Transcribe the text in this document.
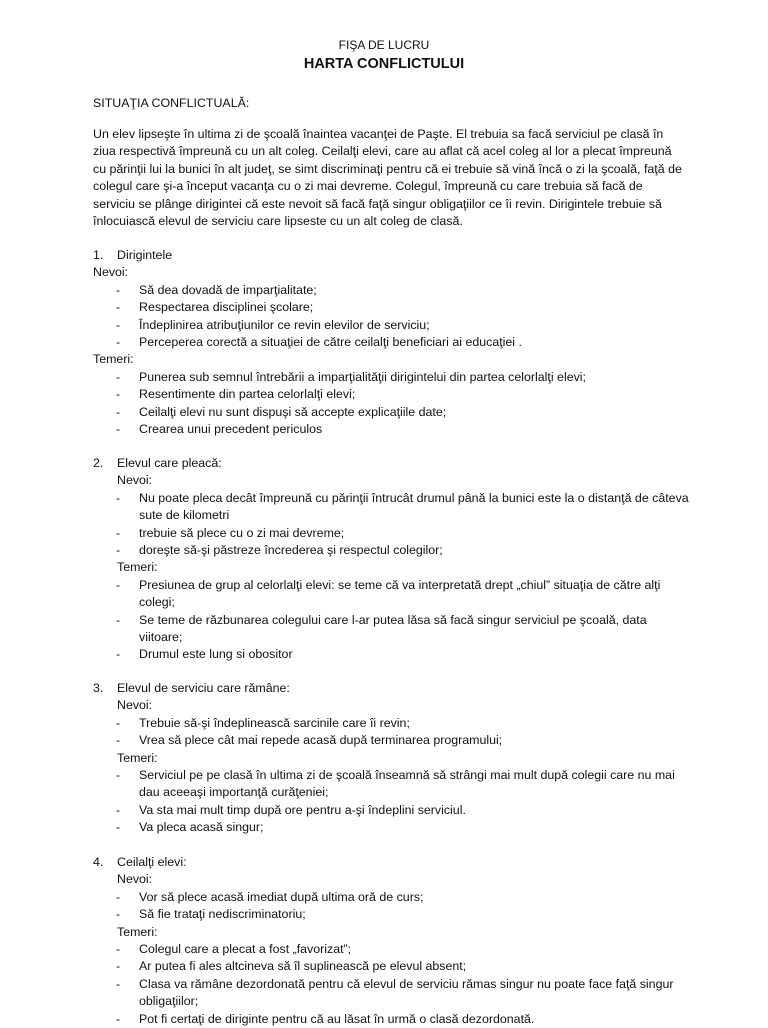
FIŞA DE LUCRU
HARTA CONFLICTULUI
SITUAŢIA CONFLICTUALĂ:

Un elev lipseşte în ultima zi de şcoală înaintea vacanţei de Paşte. El trebuia sa facă serviciul pe clasă în ziua respectivă împreună cu un alt coleg. Ceilalţi elevi, care au aflat că acel coleg al lor a plecat împreună cu părinţii lui la bunici în alt judeţ, se simt discriminaţi pentru că ei trebuie să vină încă o zi la şcoală, faţă de colegul care şi-a început vacanţa cu o zi mai devreme. Colegul, împreună cu care trebuia să facă de serviciu se plânge dirigintei că este nevoit să facă faţă singur obligaţiilor ce îi revin. Dirigintele trebuie să înlocuiască elevul de serviciu care lipseste cu un alt coleg de clasă.

1. Dirigintele

Nevoi:

- Să dea dovadă de imparţialitate;
- Respectarea disciplinei şcolare;
- Îndeplinirea atribuţiunilor ce revin elevilor de serviciu;
- Perceperea corectă a situaţiei de către ceilalţi beneficiari ai educaţiei .

Temeri:

- Punerea sub semnul întrebării a imparţialităţii dirigintelui din partea celorlalţi elevi;
- Resentimente din partea celorlalţi elevi;
- Ceilalţi elevi nu sunt dispuşi să accepte explicaţiile date;
- Crearea unui precedent periculos

2. Elevul care pleacă:

Nevoi:

- Nu poate pleca decât împreună cu părinţii întrucât drumul până la bunici este la o distanţă de câteva sute de kilometri
- trebuie să plece cu o zi mai devreme;
- doreşte să-şi păstreze încrederea şi respectul colegilor;

Temeri:

- Presiunea de grup al celorlalţi elevi: se teme că va interpretată drept „chiul” situaţia de către alţi colegi;
- Se teme de răzbunarea colegului care l-ar putea lăsa să facă singur serviciul pe şcoală, data viitoare;
- Drumul este lung si obositor

3. Elevul de serviciu care rămâne:

Nevoi:

- Trebuie să-şi îndeplinească sarcinile care îi revin;
- Vrea să plece cât mai repede acasă după terminarea programului;

Temeri:

- Serviciul pe pe clasă în ultima zi de şcoală înseamnă să strângi mai mult după colegii care nu mai dau aceeaşi importanţă curăţeniei;
- Va sta mai mult timp după ore pentru a-şi îndeplini serviciul.
- Va pleca acasă singur;

4. Ceilalţi elevi:

Nevoi:

- Vor să plece acasă imediat după ultima oră de curs;
- Să fie trataţi nediscriminatoriu;

Temeri:

- Colegul care a plecat a fost „favorizat”;
- Ar putea fi ales altcineva să îl suplinească pe elevul absent;
- Clasa va rămâne dezordonată pentru că elevul de serviciu rămas singur nu poate face faţă singur obligaţiilor;
- Pot fi certaţi de diriginte pentru că au lăsat în urmă o clasă dezordonată.
